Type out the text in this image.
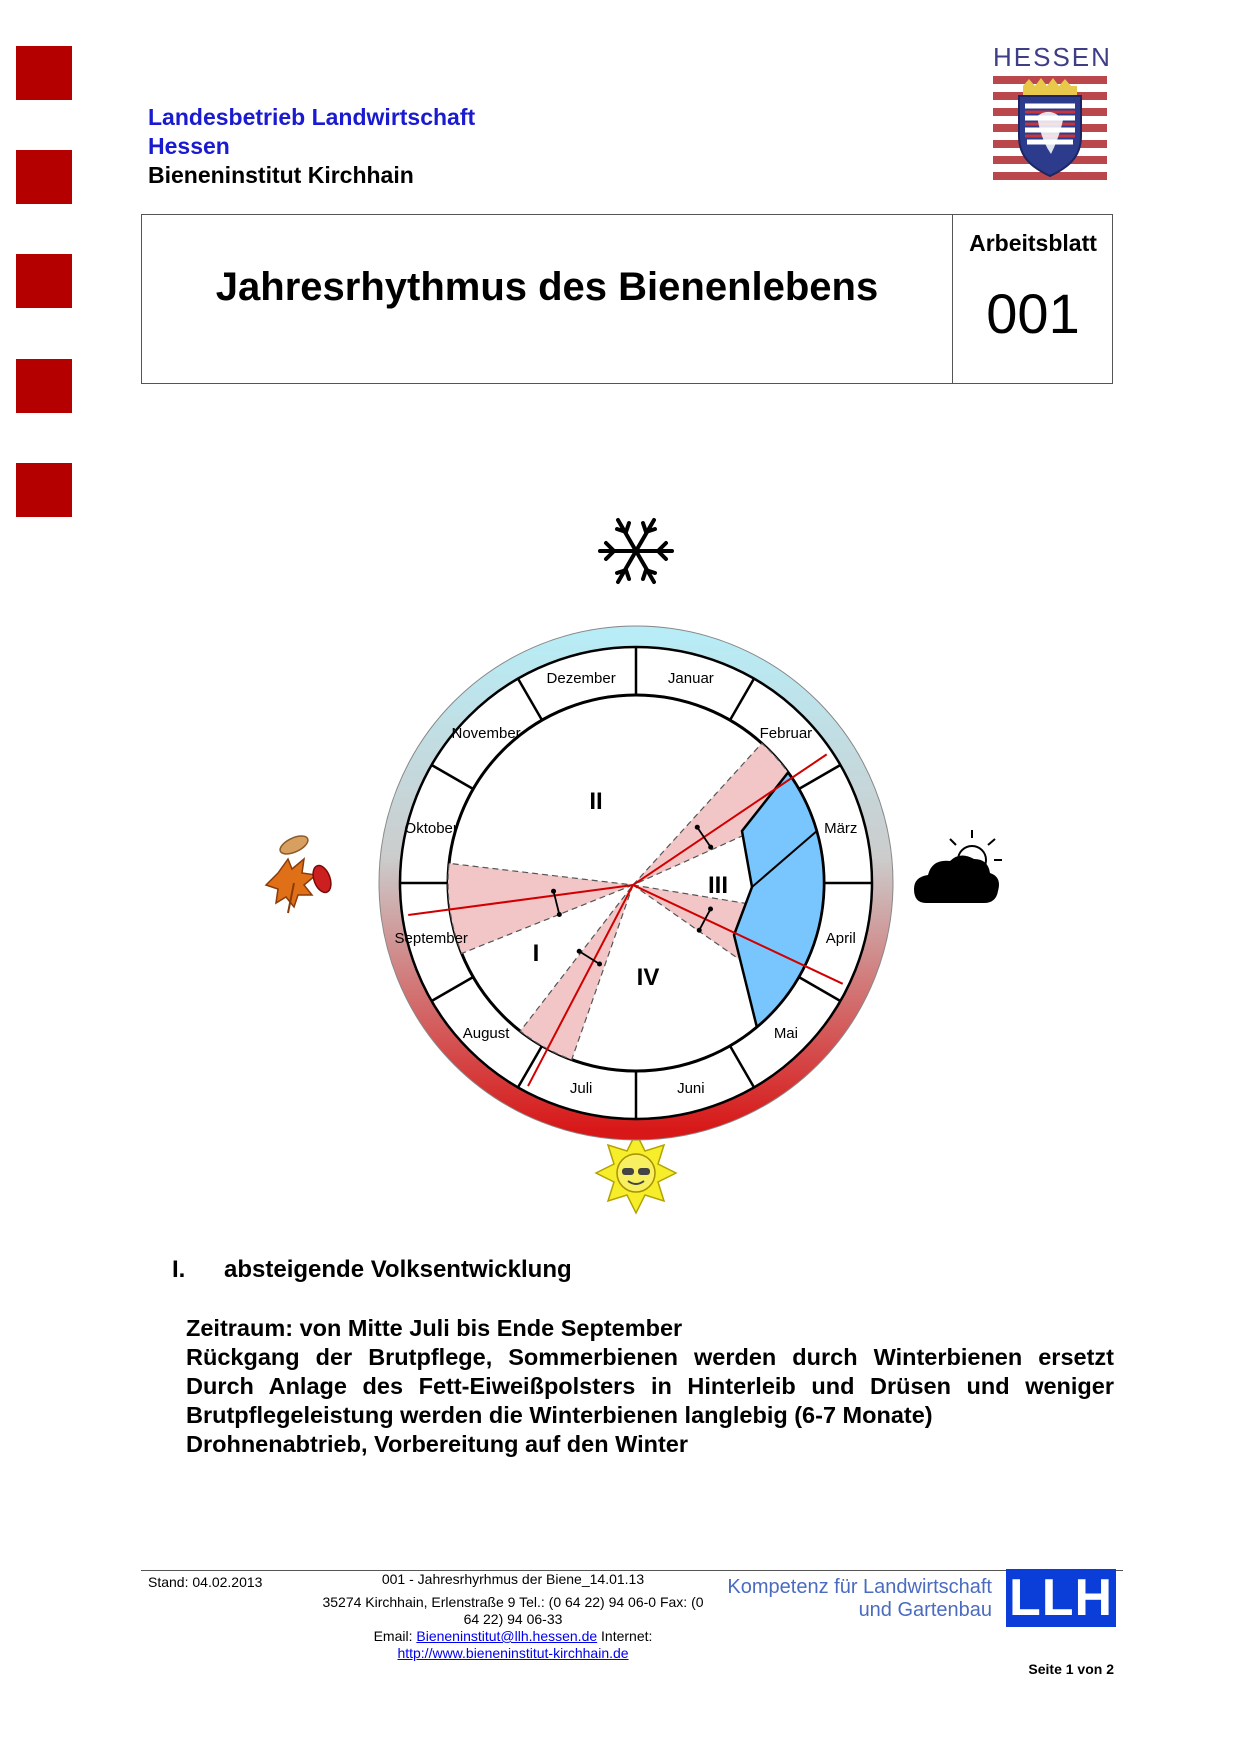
Landesbetrieb Landwirtschaft
Hessen
Bieneninstitut Kirchhain
HESSEN
Jahresrhythmus des Bienenlebens
Arbeitsblatt
001
Januar
Februar
März
April
Mai
Juni
Juli
August
September
Oktober
November
Dezember
I
II
III
IV
I. absteigende Volksentwicklung
Zeitraum: von Mitte Juli bis Ende September
Rückgang der Brutpflege, Sommerbienen werden durch Winterbienen ersetzt
Durch Anlage des Fett-Eiweißpolsters in Hinterleib und Drüsen und weniger
Brutpflegeleistung werden die Winterbienen langlebig (6-7 Monate)
Drohnenabtrieb, Vorbereitung auf den Winter
Stand: 04.02.2013	001 - Jahresrhyrhmus der Biene_14.01.13
35274 Kirchhain, Erlenstraße 9 Tel.: (0 64 22) 94 06-0 Fax: (0
64 22) 94 06-33
Email: Bieneninstitut@llh.hessen.de Internet:
http://www.bieneninstitut-kirchhain.de
Kompetenz für Landwirtschaft
und Gartenbau LLH
Seite 1 von 2
